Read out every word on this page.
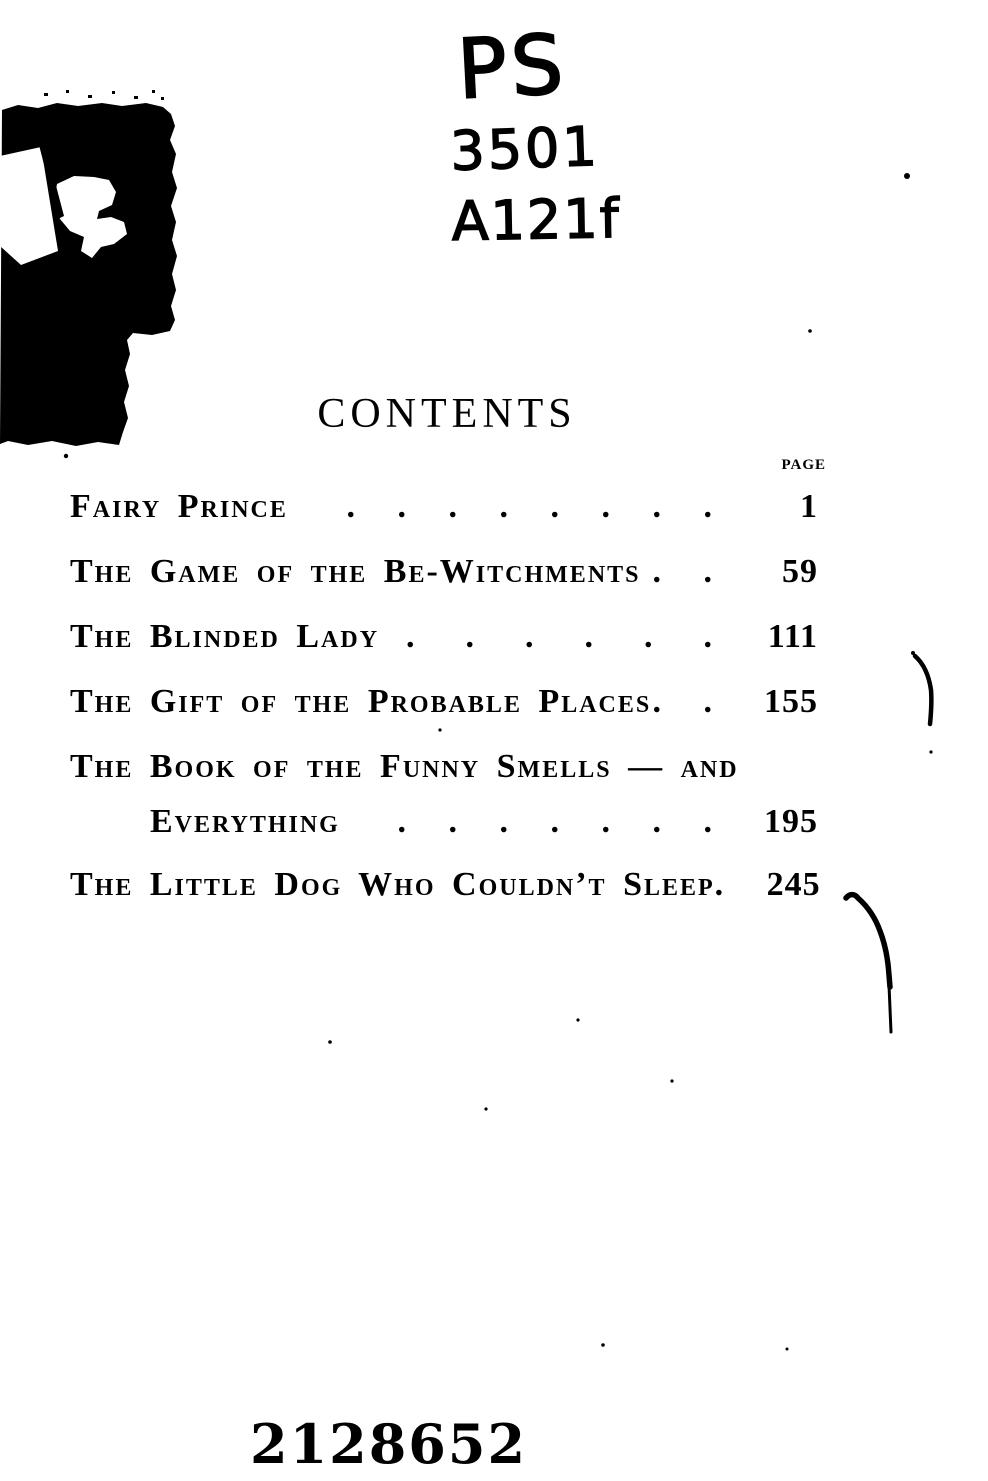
PS
3501
A121f
CONTENTS
PAGE
Fairy Prince	.     .     .     .     .     .     .     .	1
The Game of the Be-Witchments .     .	59
The Blinded Lady .      .      .      .      .      .	111
The Gift of the Probable Places .     .	155
The Book of the Funny Smells — and
Everything	.     .     .     .     .     .     .	195
The Little Dog Who Couldn’t Sleep .	245
2128652
